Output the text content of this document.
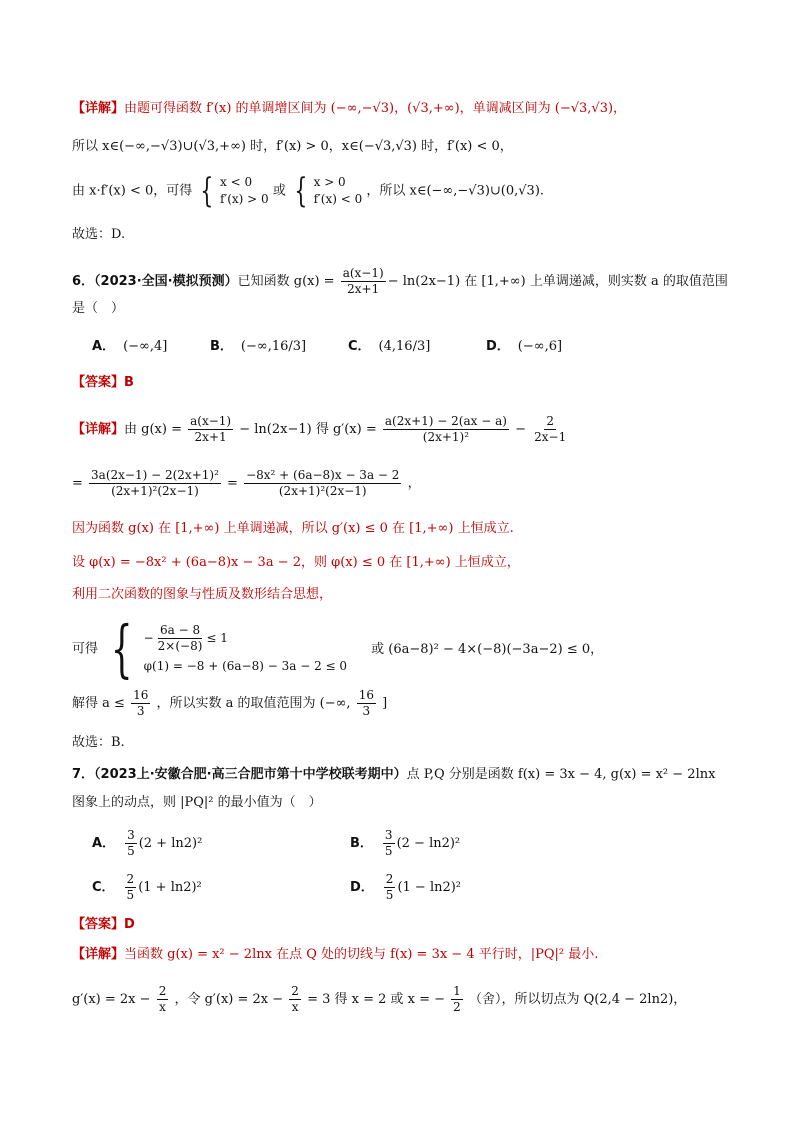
【详解】由题可得函数 f′(x) 的单调增区间为 (−∞,−√3)，(√3,+∞)，单调减区间为 (−√3,√3)，
所以 x∈(−∞,−√3)∪(√3,+∞) 时，f′(x) > 0，x∈(−√3,√3) 时，f′(x) < 0，
由 x·f′(x) < 0，可得 { x < 0
f′(x) > 0
或 { x > 0
f′(x) < 0
，所以 x∈(−∞,−√3)∪(0,√3).
故选：D.
6．（2023·全国·模拟预测）已知函数 $g(x) = \frac{a(x-1)}{2x+1} - \ln(2x-1)$ 在 [1,+∞) 上单调递减，则实数 a 的取值范围
是（　）
A． (−∞,4]	B． (−∞,16/3]	C． (4,16/3]	D． (−∞,6]
【答案】B
【详解】由 $g(x) = \frac{a(x-1)}{2x+1} - \ln(2x-1)$ 得 $g'(x) = \frac{a(2x+1) - 2(ax - a)}{\text{(2x+1)²}} - \frac{2}{2x-1}$
= $\frac{\text{3a(2x−1) − 2(2x+1)²}}{\text{(2x+1)²(2x−1)}} = \frac{\text{−8x² + (6a−8)x − 3a − 2}}{\text{(2x+1)²(2x−1)}}$ ，
因为函数 g(x) 在 [1,+∞) 上单调递减，所以 g′(x) ≤ 0 在 [1,+∞) 上恒成立.
设 φ(x) = −8x² + (6a−8)x − 3a − 2，则 φ(x) ≤ 0 在 [1,+∞) 上恒成立，
利用二次函数的图象与性质及数形结合思想，
可得 { − $\frac{6a - 8}{2\times(-8)} \le 1$
φ(1) = −8 + (6a−8) − 3a − 2 ≤ 0
或 (6a−8)² − 4×(−8)(−3a−2) ≤ 0，
解得 $a \le \frac{16}{3}$ ，所以实数 a 的取值范围为 (−∞, $\frac{16}{3}$ ]
故选：B.
7．（2023上·安徽合肥·高三合肥市第十中学校联考期中）点 P,Q 分别是函数 f(x) = 3x − 4, g(x) = x² − 2lnx
图象上的动点，则 |PQ|² 的最小值为（　）
A． $\frac{3}{5} (2 + \ln 2)^2$	B． $\frac{3}{5} (2 - \ln 2)^2$
C． $\frac{2}{5} (1 + \ln 2)^2$	D． $\frac{2}{5} (1 - \ln 2)^2$
【答案】D
【详解】当函数 g(x) = x² − 2lnx 在点 Q 处的切线与 f(x) = 3x − 4 平行时，|PQ|² 最小.
$g'(x) = 2x - \frac{2}{x}$ ，令 $g'(x) = 2x - \frac{2}{x} = 3$ 得 x = 2 或 x = − $\frac{1}{2}$ （舍），所以切点为 Q(2,4 − 2ln2)，
